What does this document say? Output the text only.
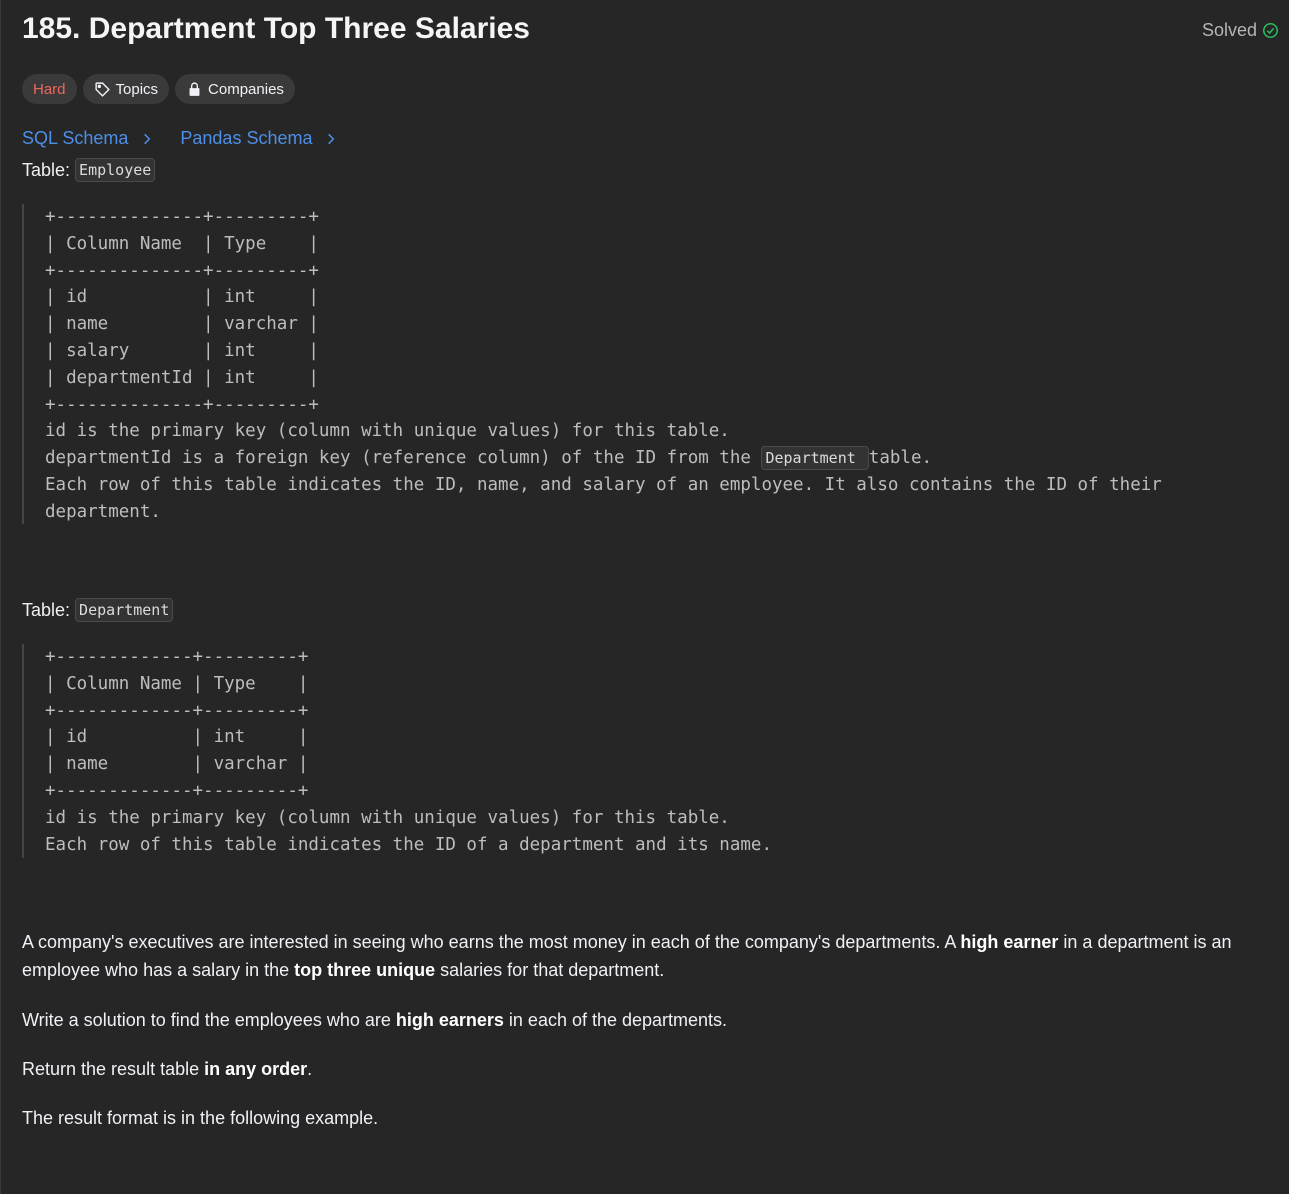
185. Department Top Three Salaries	Solved
Hard	Topics	Companies
SQL Schema	Pandas Schema
Table: Employee
+--------------+---------+
| Column Name  | Type    |
+--------------+---------+
| id           | int     |
| name         | varchar |
| salary       | int     |
| departmentId | int     |
+--------------+---------+
id is the primary key (column with unique values) for this table.
departmentId is a foreign key (reference column) of the ID from the Department table.
Each row of this table indicates the ID, name, and salary of an employee. It also contains the ID of their
department.
Table: Department
+-------------+---------+
| Column Name | Type    |
+-------------+---------+
| id          | int     |
| name        | varchar |
+-------------+---------+
id is the primary key (column with unique values) for this table.
Each row of this table indicates the ID of a department and its name.

A company's executives are interested in seeing who earns the most money in each of the company's departments. A high earner in a department is an employee who has a salary in the top three unique salaries for that department.

Write a solution to find the employees who are high earners in each of the departments.

Return the result table in any order.

The result format is in the following example.
